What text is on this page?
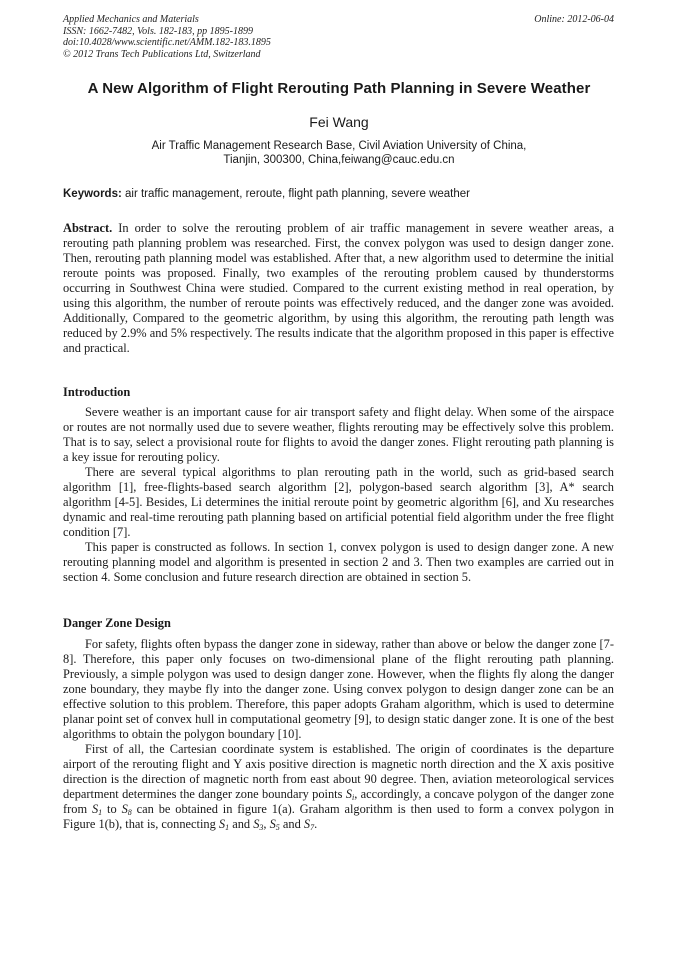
Applied Mechanics and Materials
ISSN: 1662-7482, Vols. 182-183, pp 1895-1899
doi:10.4028/www.scientific.net/AMM.182-183.1895
© 2012 Trans Tech Publications Ltd, Switzerland
Online: 2012-06-04
A New Algorithm of Flight Rerouting Path Planning in Severe Weather
Fei Wang
Air Traffic Management Research Base, Civil Aviation University of China,
Tianjin, 300300, China,feiwang@cauc.edu.cn
Keywords: air traffic management, reroute, flight path planning, severe weather

Abstract. In order to solve the rerouting problem of air traffic management in severe weather areas, a rerouting path planning problem was researched. First, the convex polygon was used to design danger zone. Then, rerouting path planning model was established. After that, a new algorithm used to determine the initial reroute points was proposed. Finally, two examples of the rerouting problem caused by thunderstorms occurring in Southwest China were studied. Compared to the current existing method in real operation, by using this algorithm, the number of reroute points was effectively reduced, and the danger zone was avoided. Additionally, Compared to the geometric algorithm, by using this algorithm, the rerouting path length was reduced by 2.9% and 5% respectively. The results indicate that the algorithm proposed in this paper is effective and practical.

Introduction

Severe weather is an important cause for air transport safety and flight delay. When some of the airspace or routes are not normally used due to severe weather, flights rerouting may be effectively solve this problem. That is to say, select a provisional route for flights to avoid the danger zones. Flight rerouting path planning is a key issue for rerouting policy.

There are several typical algorithms to plan rerouting path in the world, such as grid-based search algorithm [1], free-flights-based search algorithm [2], polygon-based search algorithm [3], A* search algorithm [4-5]. Besides, Li determines the initial reroute point by geometric algorithm [6], and Xu researches dynamic and real-time rerouting path planning based on artificial potential field algorithm under the free flight condition [7].

This paper is constructed as follows. In section 1, convex polygon is used to design danger zone. A new rerouting planning model and algorithm is presented in section 2 and 3. Then two examples are carried out in section 4. Some conclusion and future research direction are obtained in section 5.

Danger Zone Design

For safety, flights often bypass the danger zone in sideway, rather than above or below the danger zone [7-8]. Therefore, this paper only focuses on two-dimensional plane of the flight rerouting path planning. Previously, a simple polygon was used to design danger zone. However, when the flights fly along the danger zone boundary, they maybe fly into the danger zone. Using convex polygon to design danger zone can be an effective solution to this problem. Therefore, this paper adopts Graham algorithm, which is used to determine planar point set of convex hull in computational geometry [9], to design static danger zone. It is one of the best algorithms to obtain the polygon boundary [10].

First of all, the Cartesian coordinate system is established. The origin of coordinates is the departure airport of the rerouting flight and Y axis positive direction is magnetic north direction and the X axis positive direction is the direction of magnetic north from east about 90 degree. Then, aviation meteorological services department determines the danger zone boundary points $S_i$, accordingly, a concave polygon of the danger zone from $S_1$ to $S_8$ can be obtained in figure 1(a). Graham algorithm is then used to form a convex polygon in Figure 1(b), that is, connecting $S_1$ and $S_3$, $S_5$ and $S_7$.
